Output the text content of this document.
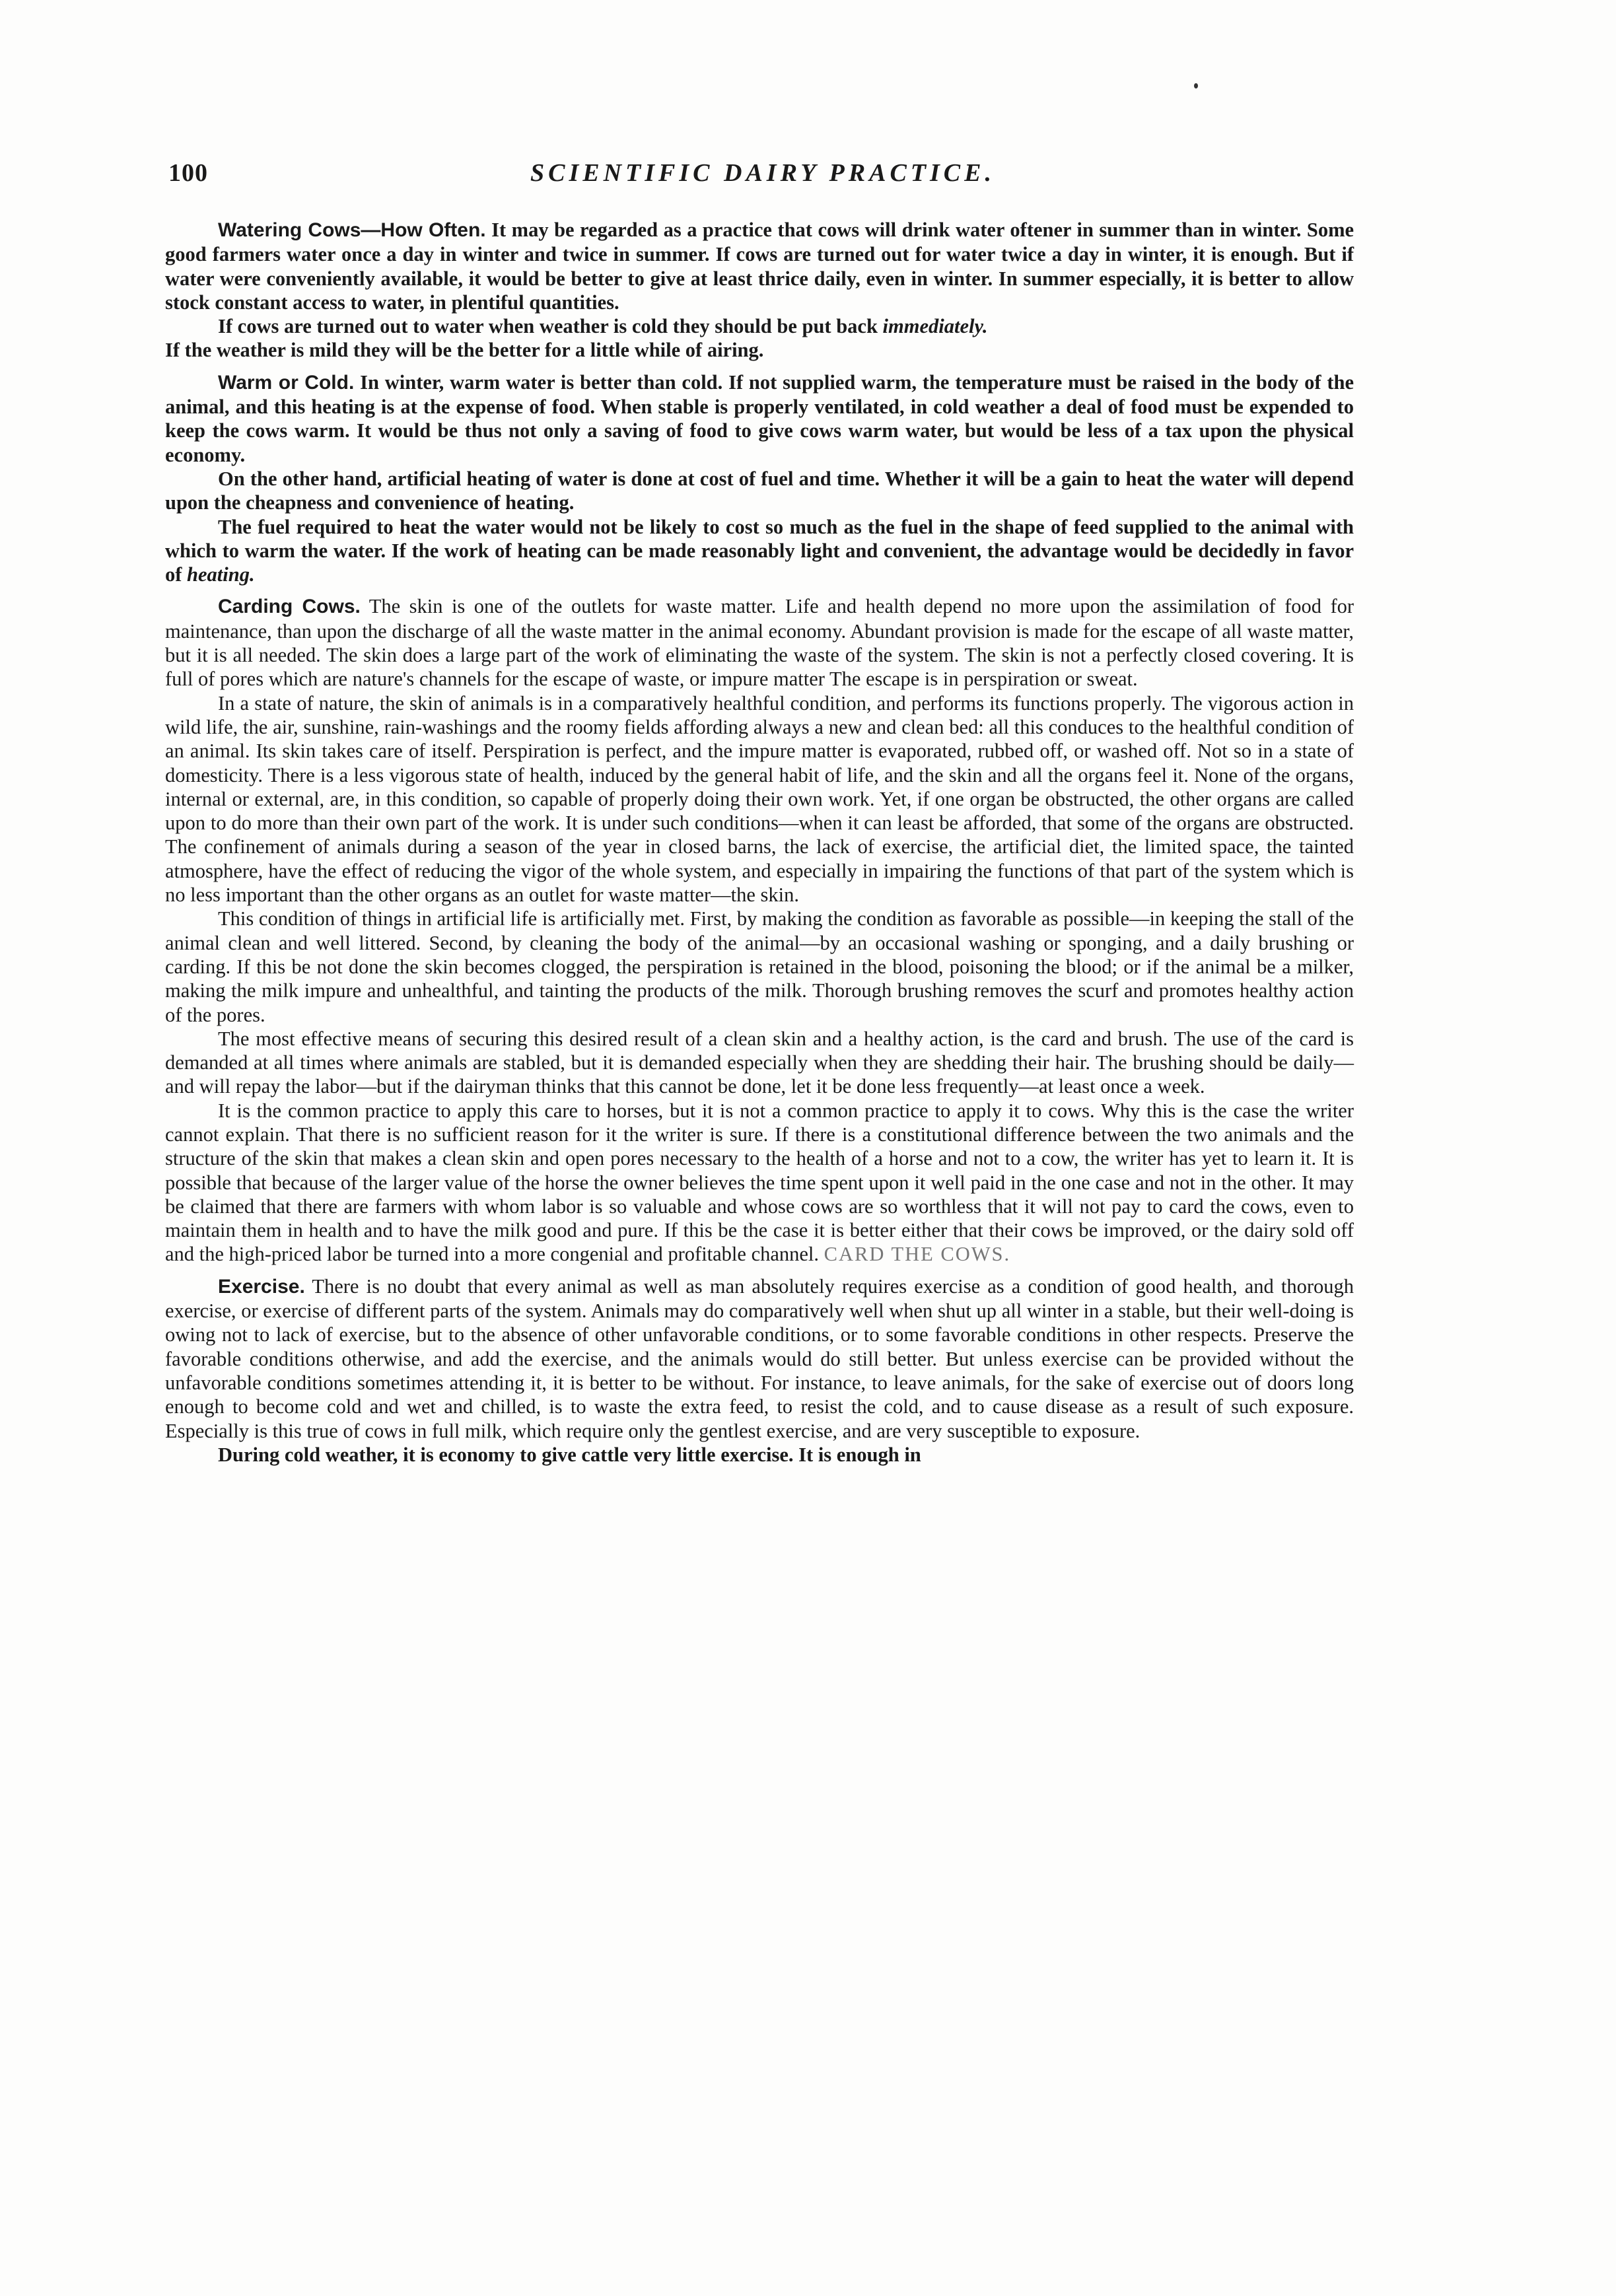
100	SCIENTIFIC DAIRY PRACTICE.

Watering Cows—How Often. It may be regarded as a practice that cows will drink water oftener in summer than in winter. Some good farmers water once a day in winter and twice in summer. If cows are turned out for water twice a day in winter, it is enough. But if water were conveniently available, it would be better to give at least thrice daily, even in winter. In summer especially, it is better to allow stock constant access to water, in plentiful quantities.

If cows are turned out to water when weather is cold they should be put back immediately.

If the weather is mild they will be the better for a little while of airing.

Warm or Cold. In winter, warm water is better than cold. If not supplied warm, the temperature must be raised in the body of the animal, and this heating is at the expense of food. When stable is properly ventilated, in cold weather a deal of food must be expended to keep the cows warm. It would be thus not only a saving of food to give cows warm water, but would be less of a tax upon the physical economy.

On the other hand, artificial heating of water is done at cost of fuel and time. Whether it will be a gain to heat the water will depend upon the cheapness and convenience of heating.

The fuel required to heat the water would not be likely to cost so much as the fuel in the shape of feed supplied to the animal with which to warm the water. If the work of heating can be made reasonably light and convenient, the advantage would be decidedly in favor of heating.

Carding Cows. The skin is one of the outlets for waste matter. Life and health depend no more upon the assimilation of food for maintenance, than upon the discharge of all the waste matter in the animal economy. Abundant provision is made for the escape of all waste matter, but it is all needed. The skin does a large part of the work of eliminating the waste of the system. The skin is not a perfectly closed covering. It is full of pores which are nature's channels for the escape of waste, or impure matter The escape is in perspiration or sweat.

In a state of nature, the skin of animals is in a comparatively healthful condition, and performs its functions properly. The vigorous action in wild life, the air, sunshine, rain-washings and the roomy fields affording always a new and clean bed: all this conduces to the healthful condition of an animal. Its skin takes care of itself. Perspiration is perfect, and the impure matter is evaporated, rubbed off, or washed off. Not so in a state of domesticity. There is a less vigorous state of health, induced by the general habit of life, and the skin and all the organs feel it. None of the organs, internal or external, are, in this condition, so capable of properly doing their own work. Yet, if one organ be obstructed, the other organs are called upon to do more than their own part of the work. It is under such conditions—when it can least be afforded, that some of the organs are obstructed. The confinement of animals during a season of the year in closed barns, the lack of exercise, the artificial diet, the limited space, the tainted atmosphere, have the effect of reducing the vigor of the whole system, and especially in impairing the functions of that part of the system which is no less important than the other organs as an outlet for waste matter—the skin.

This condition of things in artificial life is artificially met. First, by making the condition as favorable as possible—in keeping the stall of the animal clean and well littered. Second, by cleaning the body of the animal—by an occasional washing or sponging, and a daily brushing or carding. If this be not done the skin becomes clogged, the perspiration is retained in the blood, poisoning the blood; or if the animal be a milker, making the milk impure and unhealthful, and tainting the products of the milk. Thorough brushing removes the scurf and promotes healthy action of the pores.

The most effective means of securing this desired result of a clean skin and a healthy action, is the card and brush. The use of the card is demanded at all times where animals are stabled, but it is demanded especially when they are shedding their hair. The brushing should be daily—and will repay the labor—but if the dairyman thinks that this cannot be done, let it be done less frequently—at least once a week.

It is the common practice to apply this care to horses, but it is not a common practice to apply it to cows. Why this is the case the writer cannot explain. That there is no sufficient reason for it the writer is sure. If there is a constitutional difference between the two animals and the structure of the skin that makes a clean skin and open pores necessary to the health of a horse and not to a cow, the writer has yet to learn it. It is possible that because of the larger value of the horse the owner believes the time spent upon it well paid in the one case and not in the other. It may be claimed that there are farmers with whom labor is so valuable and whose cows are so worthless that it will not pay to card the cows, even to maintain them in health and to have the milk good and pure. If this be the case it is better either that their cows be improved, or the dairy sold off and the high-priced labor be turned into a more congenial and profitable channel. CARD THE COWS.

Exercise. There is no doubt that every animal as well as man absolutely requires exercise as a condition of good health, and thorough exercise, or exercise of different parts of the system. Animals may do comparatively well when shut up all winter in a stable, but their well-doing is owing not to lack of exercise, but to the absence of other unfavorable conditions, or to some favorable conditions in other respects. Preserve the favorable conditions otherwise, and add the exercise, and the animals would do still better. But unless exercise can be provided without the unfavorable conditions sometimes attending it, it is better to be without. For instance, to leave animals, for the sake of exercise out of doors long enough to become cold and wet and chilled, is to waste the extra feed, to resist the cold, and to cause disease as a result of such exposure. Especially is this true of cows in full milk, which require only the gentlest exercise, and are very susceptible to exposure.

During cold weather, it is economy to give cattle very little exercise. It is enough in
